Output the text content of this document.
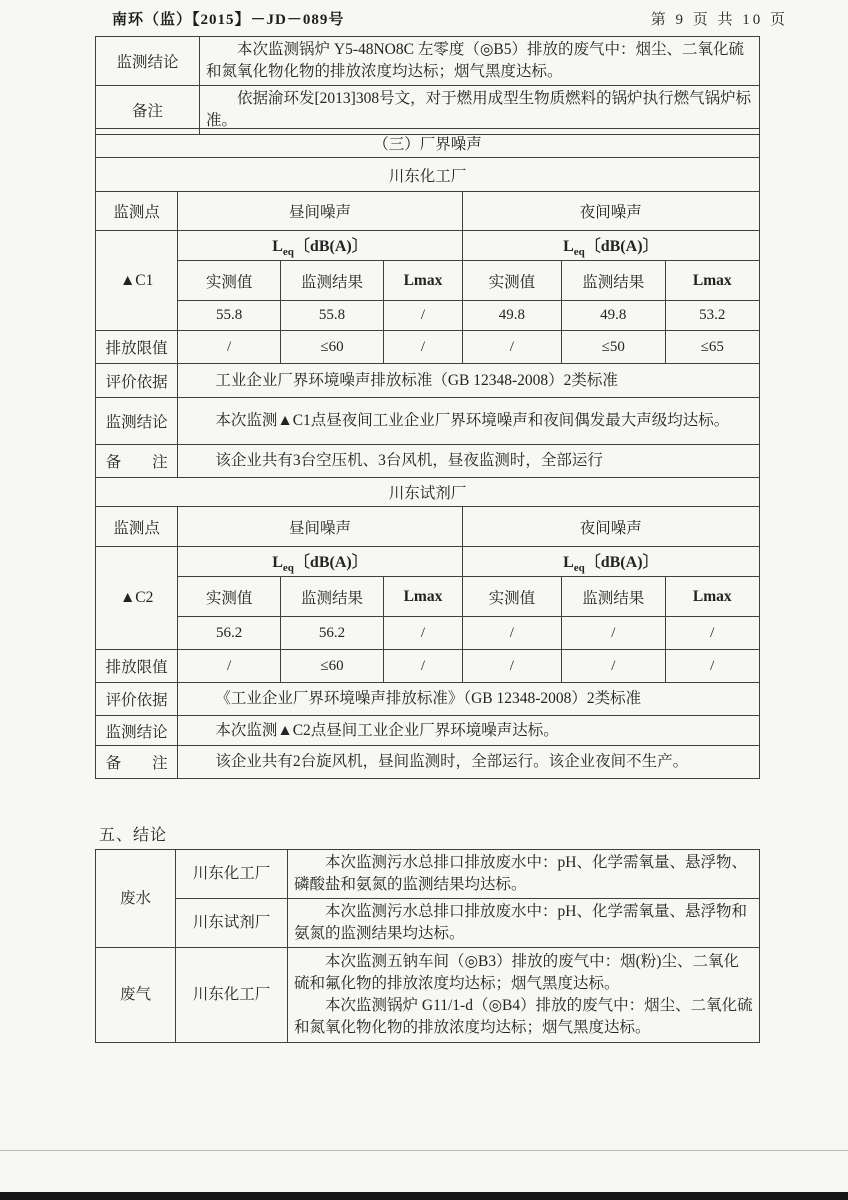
南环（监）【2015】－JD－089号	第 9 页 共 10 页
监测结论	本次监测锅炉 Y5-48NO8C 左零度（◎B5）排放的废气中：烟尘、二氧化硫和氮氧化物化物的排放浓度均达标；烟气黑度达标。
备注	依据渝环发[2013]308号文，对于燃用成型生物质燃料的锅炉执行燃气锅炉标准。
（三）厂界噪声						
川东化工厂						
监测点	昼间噪声			夜间噪声		
▲C1	$L_{eq}$〔dB(A)〕			$L_{eq}$〔dB(A)〕		
	实测值	监测结果	Lmax	实测值	监测结果	Lmax
	55.8	55.8	/	49.8	49.8	53.2
排放限值	/	≤60	/	/	≤50	≤65
评价依据	工业企业厂界环境噪声排放标准（GB 12348-2008）2类标准					
监测结论	本次监测▲C1点昼夜间工业企业厂界环境噪声和夜间偶发最大声级均达标。					
备　　注	该企业共有3台空压机、3台风机，昼夜监测时，全部运行					
川东试剂厂						
监测点	昼间噪声			夜间噪声		
▲C2	$L_{eq}$〔dB(A)〕			$L_{eq}$〔dB(A)〕		
	实测值	监测结果	Lmax	实测值	监测结果	Lmax
	56.2	56.2	/	/	/	/
排放限值	/	≤60	/	/	/	/
评价依据	《工业企业厂界环境噪声排放标准》（GB 12348-2008）2类标准					
监测结论	本次监测▲C2点昼间工业企业厂界环境噪声达标。					
备　　注	该企业共有2台旋风机，昼间监测时，全部运行。该企业夜间不生产。					
五、结论
废水	川东化工厂	本次监测污水总排口排放废水中：pH、化学需氧量、悬浮物、磷酸盐和氨氮的监测结果均达标。
	川东试剂厂	本次监测污水总排口排放废水中：pH、化学需氧量、悬浮物和氨氮的监测结果均达标。
废气	川东化工厂	本次监测五钠车间（◎B3）排放的废气中：烟(粉)尘、二氧化硫和氟化物的排放浓度均达标；烟气黑度达标。

本次监测锅炉 G11/1-d（◎B4）排放的废气中：烟尘、二氧化硫和氮氧化物化物的排放浓度均达标；烟气黑度达标。
